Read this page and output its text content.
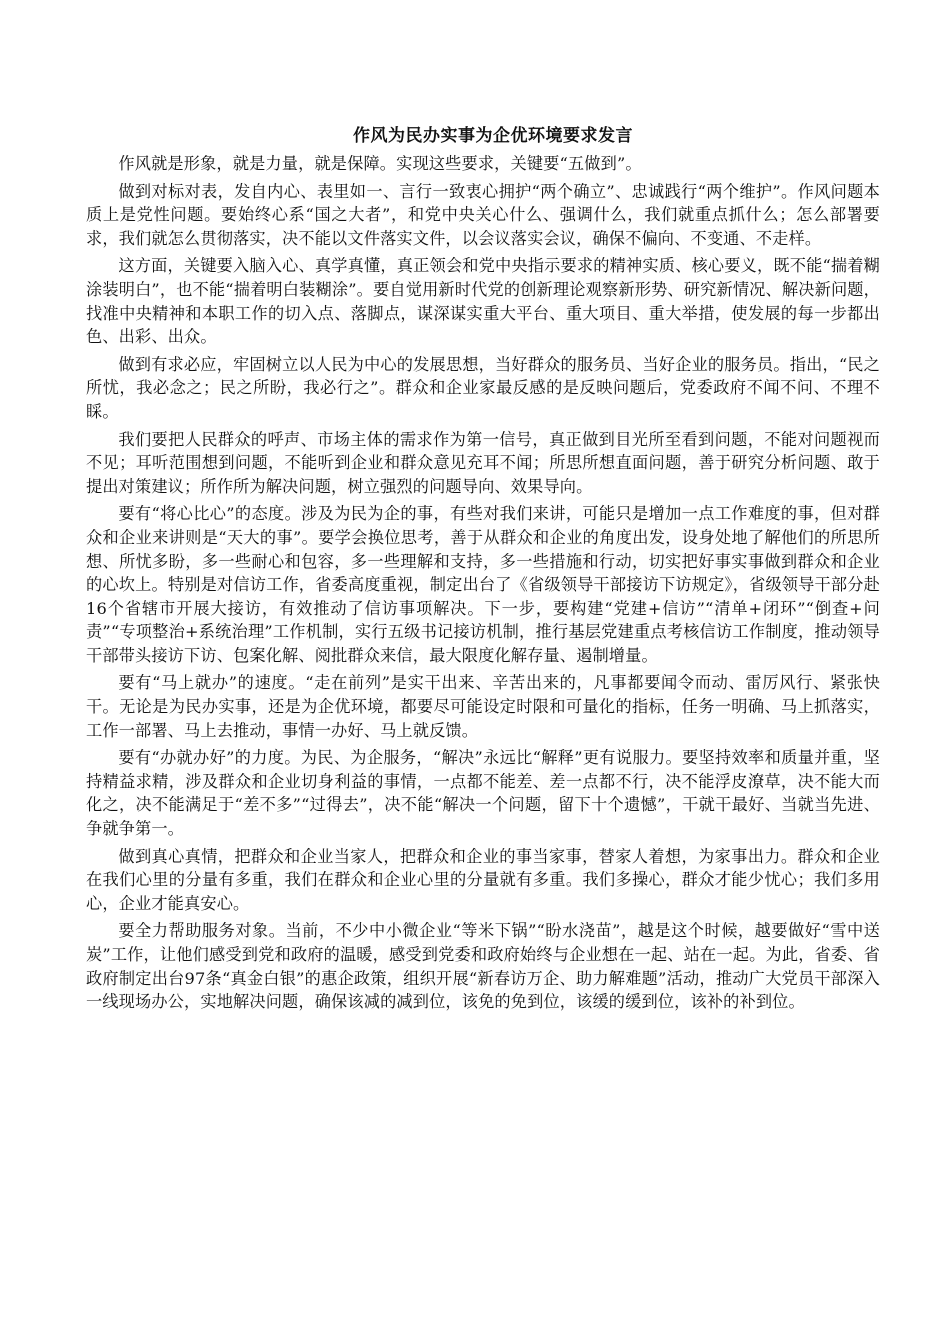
作风为民办实事为企优环境要求发言

作风就是形象，就是力量，就是保障。实现这些要求，关键要“五做到”。

做到对标对表，发自内心、表里如一、言行一致衷心拥护“两个确立”、忠诚践行“两个维护”。作风问题本质上是党性问题。要始终心系“国之大者”，和党中央关心什么、强调什么，我们就重点抓什么；怎么部署要求，我们就怎么贯彻落实，决不能以文件落实文件，以会议落实会议，确保不偏向、不变通、不走样。

这方面，关键要入脑入心、真学真懂，真正领会和党中央指示要求的精神实质、核心要义，既不能“揣着糊涂装明白”，也不能“揣着明白装糊涂”。要自觉用新时代党的创新理论观察新形势、研究新情况、解决新问题，找准中央精神和本职工作的切入点、落脚点，谋深谋实重大平台、重大项目、重大举措，使发展的每一步都出色、出彩、出众。

做到有求必应，牢固树立以人民为中心的发展思想，当好群众的服务员、当好企业的服务员。指出，“民之所忧，我必念之；民之所盼，我必行之”。群众和企业家最反感的是反映问题后，党委政府不闻不问、不理不睬。

我们要把人民群众的呼声、市场主体的需求作为第一信号，真正做到目光所至看到问题，不能对问题视而不见；耳听范围想到问题，不能听到企业和群众意见充耳不闻；所思所想直面问题，善于研究分析问题、敢于提出对策建议；所作所为解决问题，树立强烈的问题导向、效果导向。

要有“将心比心”的态度。涉及为民为企的事，有些对我们来讲，可能只是增加一点工作难度的事，但对群众和企业来讲则是“天大的事”。要学会换位思考，善于从群众和企业的角度出发，设身处地了解他们的所思所想、所忧多盼，多一些耐心和包容，多一些理解和支持，多一些措施和行动，切实把好事实事做到群众和企业的心坎上。特别是对信访工作，省委高度重视，制定出台了《省级领导干部接访下访规定》，省级领导干部分赴16个省辖市开展大接访，有效推动了信访事项解决。下一步，要构建“党建+信访”“清单+闭环”“倒查+问责”“专项整治+系统治理”工作机制，实行五级书记接访机制，推行基层党建重点考核信访工作制度，推动领导干部带头接访下访、包案化解、阅批群众来信，最大限度化解存量、遏制增量。

要有“马上就办”的速度。“走在前列”是实干出来、辛苦出来的，凡事都要闻令而动、雷厉风行、紧张快干。无论是为民办实事，还是为企优环境，都要尽可能设定时限和可量化的指标，任务一明确、马上抓落实，工作一部署、马上去推动，事情一办好、马上就反馈。

要有“办就办好”的力度。为民、为企服务，“解决”永远比“解释”更有说服力。要坚持效率和质量并重，坚持精益求精，涉及群众和企业切身利益的事情，一点都不能差、差一点都不行，决不能浮皮潦草，决不能大而化之，决不能满足于“差不多”“过得去”，决不能“解决一个问题，留下十个遗憾”，干就干最好、当就当先进、争就争第一。

做到真心真情，把群众和企业当家人，把群众和企业的事当家事，替家人着想，为家事出力。群众和企业在我们心里的分量有多重，我们在群众和企业心里的分量就有多重。我们多操心，群众才能少忧心；我们多用心，企业才能真安心。

要全力帮助服务对象。当前，不少中小微企业“等米下锅”“盼水浇苗”，越是这个时候，越要做好“雪中送炭”工作，让他们感受到党和政府的温暖，感受到党委和政府始终与企业想在一起、站在一起。为此，省委、省政府制定出台97条“真金白银”的惠企政策，组织开展“新春访万企、助力解难题”活动，推动广大党员干部深入一线现场办公，实地解决问题，确保该减的减到位，该免的免到位，该缓的缓到位，该补的补到位。
